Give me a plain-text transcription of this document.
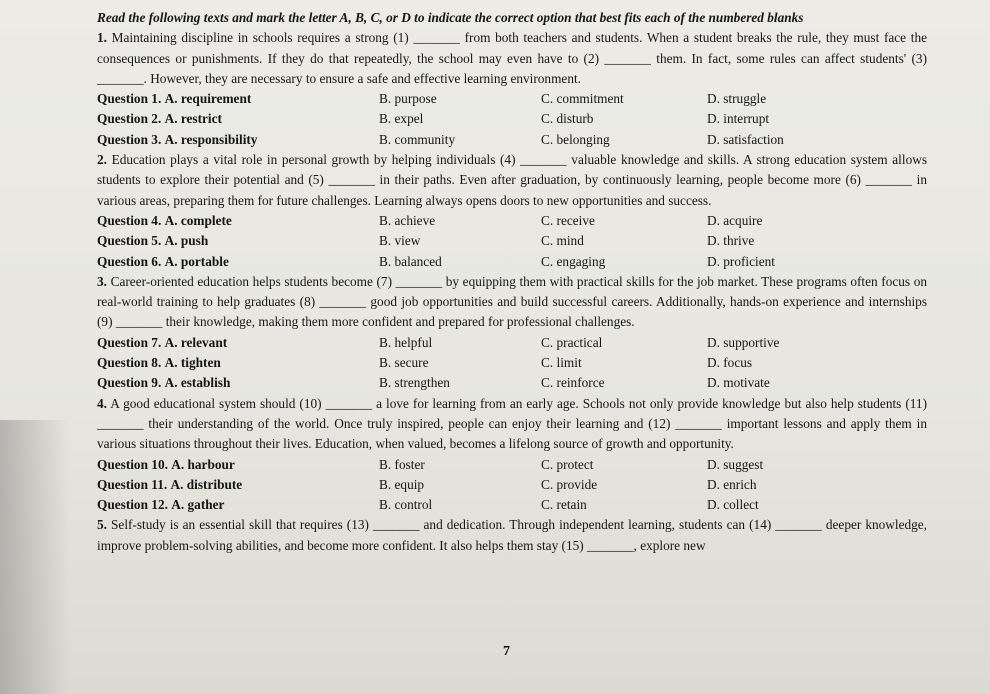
Read the following texts and mark the letter A, B, C, or D to indicate the correct option that best fits each of the numbered blanks
1. Maintaining discipline in schools requires a strong (1) _______ from both teachers and students. When a student breaks the rule, they must face the consequences or punishments. If they do that repeatedly, the school may even have to (2) _______ them. In fact, some rules can affect students' (3) _______. However, they are necessary to ensure a safe and effective learning environment.
Question 1. A. requirement	B. purpose	C. commitment	D. struggle
Question 2. A. restrict	B. expel	C. disturb	D. interrupt
Question 3. A. responsibility	B. community	C. belonging	D. satisfaction
2. Education plays a vital role in personal growth by helping individuals (4) _______ valuable knowledge and skills. A strong education system allows students to explore their potential and (5) _______ in their paths. Even after graduation, by continuously learning, people become more (6) _______ in various areas, preparing them for future challenges. Learning always opens doors to new opportunities and success.
Question 4. A. complete	B. achieve	C. receive	D. acquire
Question 5. A. push	B. view	C. mind	D. thrive
Question 6. A. portable	B. balanced	C. engaging	D. proficient
3. Career-oriented education helps students become (7) _______ by equipping them with practical skills for the job market. These programs often focus on real-world training to help graduates (8) _______ good job opportunities and build successful careers. Additionally, hands-on experience and internships (9) _______ their knowledge, making them more confident and prepared for professional challenges.
Question 7. A. relevant	B. helpful	C. practical	D. supportive
Question 8. A. tighten	B. secure	C. limit	D. focus
Question 9. A. establish	B. strengthen	C. reinforce	D. motivate
4. A good educational system should (10) _______ a love for learning from an early age. Schools not only provide knowledge but also help students (11) _______ their understanding of the world. Once truly inspired, people can enjoy their learning and (12) _______ important lessons and apply them in various situations throughout their lives. Education, when valued, becomes a lifelong source of growth and opportunity.
Question 10. A. harbour	B. foster	C. protect	D. suggest
Question 11. A. distribute	B. equip	C. provide	D. enrich
Question 12. A. gather	B. control	C. retain	D. collect
5. Self-study is an essential skill that requires (13) _______ and dedication. Through independent learning, students can (14) _______ deeper knowledge, improve problem-solving abilities, and become more confident. It also helps them stay (15) _______, explore new
7
